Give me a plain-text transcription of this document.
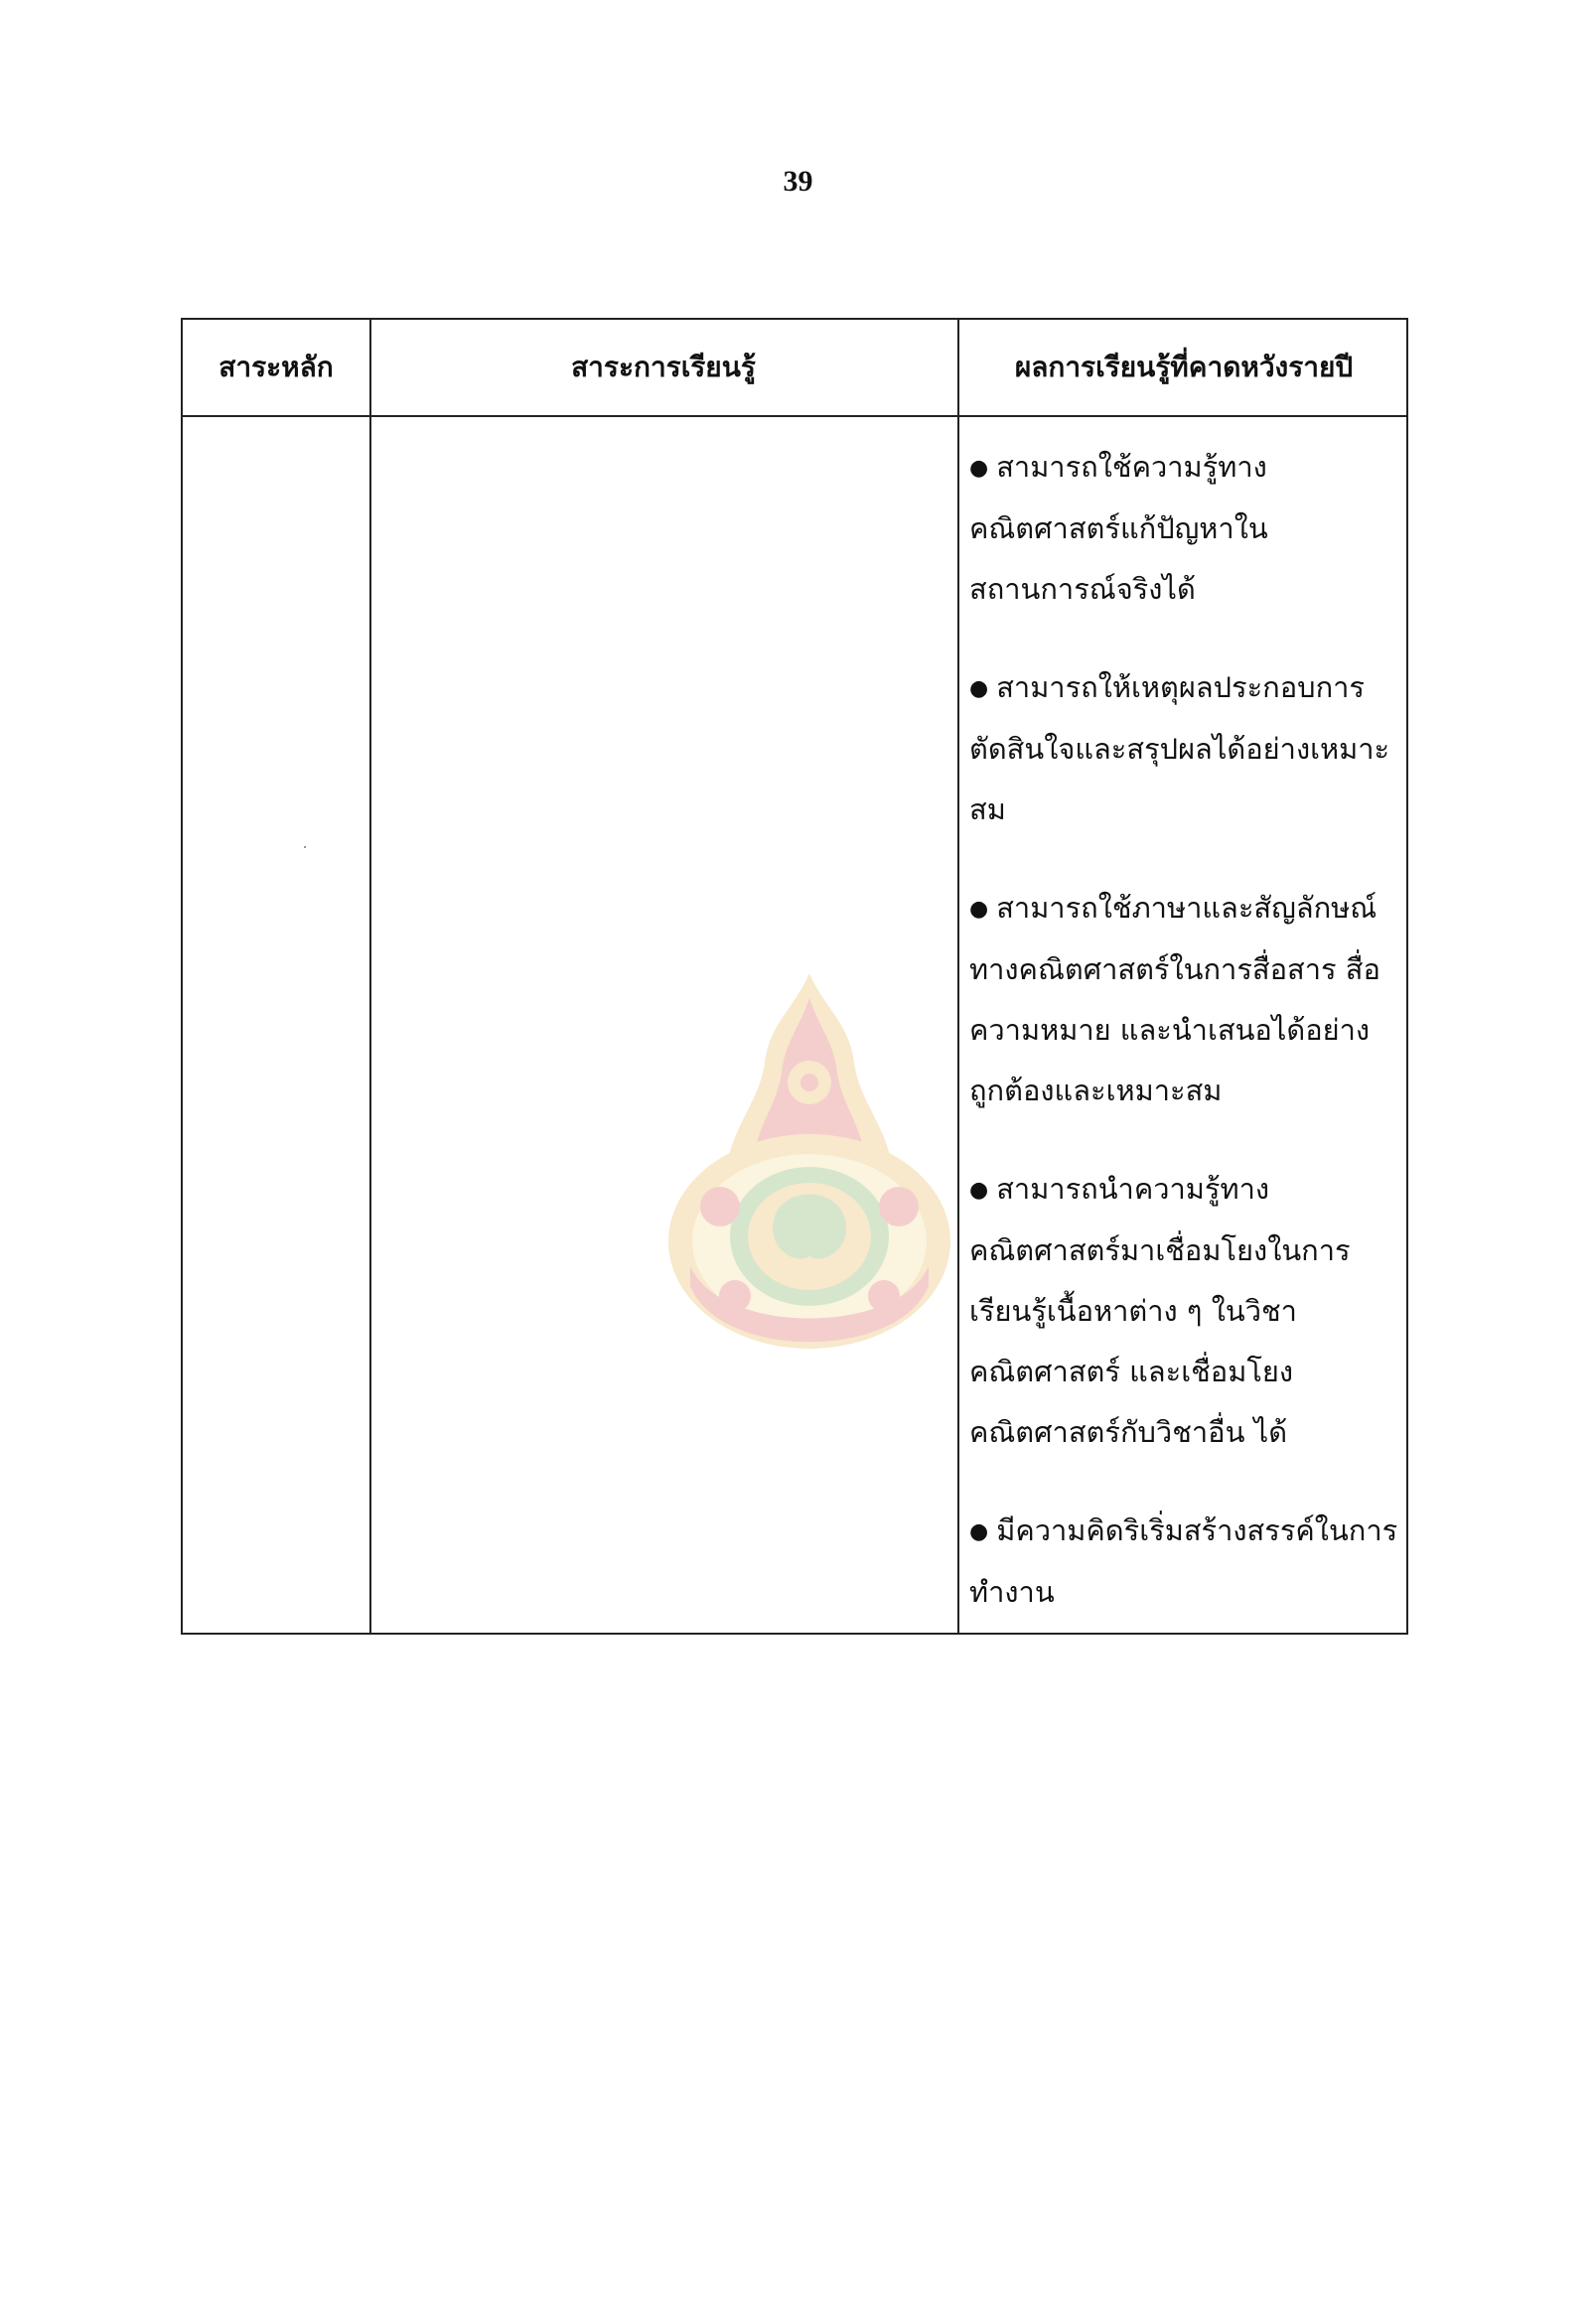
39
สาระหลัก	สาระการเรียนรู้	ผลการเรียนรู้ที่คาดหวังรายปี
● สามารถใช้ความรู้ทางคณิตศาสตร์แก้ปัญหาในสถานการณ์จริงได้
● สามารถให้เหตุผลประกอบการตัดสินใจและสรุปผลได้อย่างเหมาะสม
● สามารถใช้ภาษาและสัญลักษณ์ทางคณิตศาสตร์ในการสื่อสาร สื่อความหมาย และนำเสนอได้อย่างถูกต้องและเหมาะสม
● สามารถนำความรู้ทางคณิตศาสตร์มาเชื่อมโยงในการเรียนรู้เนื้อหาต่าง ๆ ในวิชาคณิตศาสตร์ และเชื่อมโยงคณิตศาสตร์กับวิชาอื่น ได้
● มีความคิดริเริ่มสร้างสรรค์ในการทำงาน
